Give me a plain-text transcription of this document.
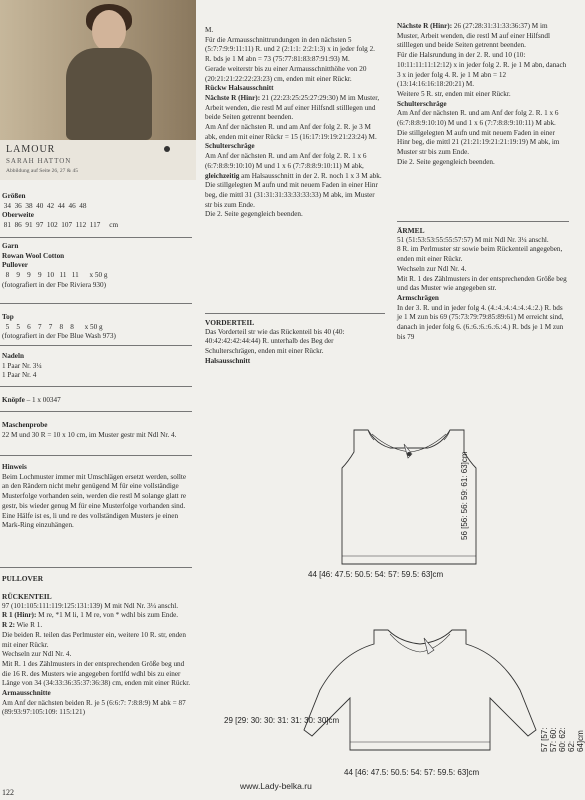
LAMOUR
SARAH HATTON
Abbildung auf Seite 26, 27 & 45

Größen

34  36  38  40  42  44  46  48

Oberweite

81  86  91  97  102  107  112  117     cm

Garn

Rowan Wool Cotton

Pullover

8    9    9    9   10   11   11      x 50 g

(fotografiert in der Fbe Riviera 930)

Top

5    5    6    7    7    8    8      x 50 g

(fotografiert in der Fbe Blue Wash 973)

Nadeln

1 Paar Nr. 3¼

1 Paar Nr. 4

Knöpfe – 1 x 00347

Maschenprobe

22 M und 30 R = 10 x 10 cm, im Muster gestr mit Ndl Nr. 4.

Hinweis

Beim Lochmuster immer mit Umschlägen ersetzt werden, sollte an den Rändern nicht mehr genügend M für eine vollständige Musterfolge vorhanden sein, werden die restl M solange glatt re gestr, bis wieder genug M für eine Musterfolge vorhanden sind. Eine Hälfe ist es, li und re des vollständigen Musters je einen Mark-Ring einzuhängen.

PULLOVER

RÜCKENTEIL

97 (101:105:111:119:125:131:139) M mit Ndl Nr. 3¼ anschl.

R 1 (Hinr): M re, *1 M li, 1 M re, von * wdhl bis zum Ende.

R 2: Wie R 1.

Die beiden R. teilen das Perlmuster ein, weitere 10 R. str, enden mit einer Rückr.

Wechseln zur Ndl Nr. 4.

Mit R. 1 des Zählmusters in der entsprechenden Größe beg und die 16 R. des Musters wie angegeben fortlfd wdhl bis zu einer Länge von 34 (34:33:36:35:37:36:38) cm, enden mit einer Rückr.

Armausschnitte

Am Anf der nächsten beiden R. je 5 (6:6:7: 7:8:8:9) M abk = 87 (89:93:97:105:109: 115:121)

M.

Für die Armausschnittrundungen in den nächsten 5 (5:7:7:9:9:11:11) R. und 2 (2:1:1: 2:2:1:3) x in jeder folg 2. R. bds je 1 M abn = 73 (75:77:81:83:87:91:93) M.

Gerade weiterstr bis zu einer Armausschnitthöhe von 20 (20:21:21:22:22:23:23) cm, enden mit einer Rückr.

Rückw Halsausschnitt

Nächste R (Hinr): 21 (22:23:25:25:27:29:30) M im Muster, Arbeit wenden, die restl M auf einer Hilfsndl stilllegen und beide Seiten getrennt beenden.

Am Anf der nächsten R. und am Anf der folg 2. R. je 3 M abk, enden mit einer Rückr = 15 (16:17:19:19:21:23:24) M.

Schulterschräge

Am Anf der nächsten R. und am Anf der folg 2. R. 1 x 6 (6:7:8:8:9:10:10) M und 1 x 6 (7:7:8:8:9:10:11) M abk, gleichzeitig am Halsausschnitt in der 2. R. noch 1 x 3 M abk.

Die stillgelegten M aufn und mit neuem Faden in einer Hinr beg, die mittl 31 (31:31:31:33:33:33:33) M abk, im Muster str bis zum Ende.

Die 2. Seite gegengleich beenden.

VORDERTEIL

Das Vorderteil str wie das Rückenteil bis 40 (40: 40:42:42:42:44:44) R. unterhalb des Beg der Schulterschrägen, enden mit einer Rückr.

Halsausschnitt

Nächste R (Hinr): 26 (27:28:31:31:33:36:37) M im Muster, Arbeit wenden, die restl M auf einer Hilfsndl stilllegen und beide Seiten getrennt beenden.

Für die Halsrundung in der 2. R. und 10 (10: 10:11:11:11:12:12) x in jeder folg 2. R. je 1 M abn, danach 3 x in jeder folg 4. R. je 1 M abn = 12 (13:14:16:16:18:20:21) M.

Weitere 5 R. str, enden mit einer Rückr.

Schulterschräge

Am Anf der nächsten R. und am Anf der folg 2. R. 1 x 6 (6:7:8:8:9:10:10) M und 1 x 6 (7:7:8:8:9:10:11) M abk.

Die stillgelegten M aufn und mit neuem Faden in einer Hinr beg, die mittl 21 (21:21:19:21:21:19:19) M abk, im Muster str bis zum Ende.

Die 2. Seite gegengleich beenden.

ÄRMEL

51 (51:53:53:55:55:57:57) M mit Ndl Nr. 3¼ anschl.

8 R. im Perlmuster str sowie beim Rückenteil angegeben, enden mit einer Rückr.

Wechseln zur Ndl Nr. 4.

Mit R. 1 des Zählmusters in der entsprechenden Größe beg und das Muster wie angegeben str.

Armschrägen

In der 3. R. und in jeder folg 4. (4.:4.:4.:4.:4.:4.:2.) R. bds je 1 M zun bis 69 (75:73:79:79:85:89:61) M erreicht sind, danach in jeder folg 6. (6.:6.:6.:6.:6.:4.) R. bds je 1 M zun bis 79

56 [56: 56: 59: 61: 63]cm
44 [46: 47.5: 50.5: 54: 57: 59.5: 63]cm
57 [57: 57: 60: 60: 62: 62: 64]cm
29 [29: 30: 30: 31: 31: 30: 30]cm
44 [46: 47.5: 50.5: 54: 57: 59.5: 63]cm
www.Lady-belka.ru
122
